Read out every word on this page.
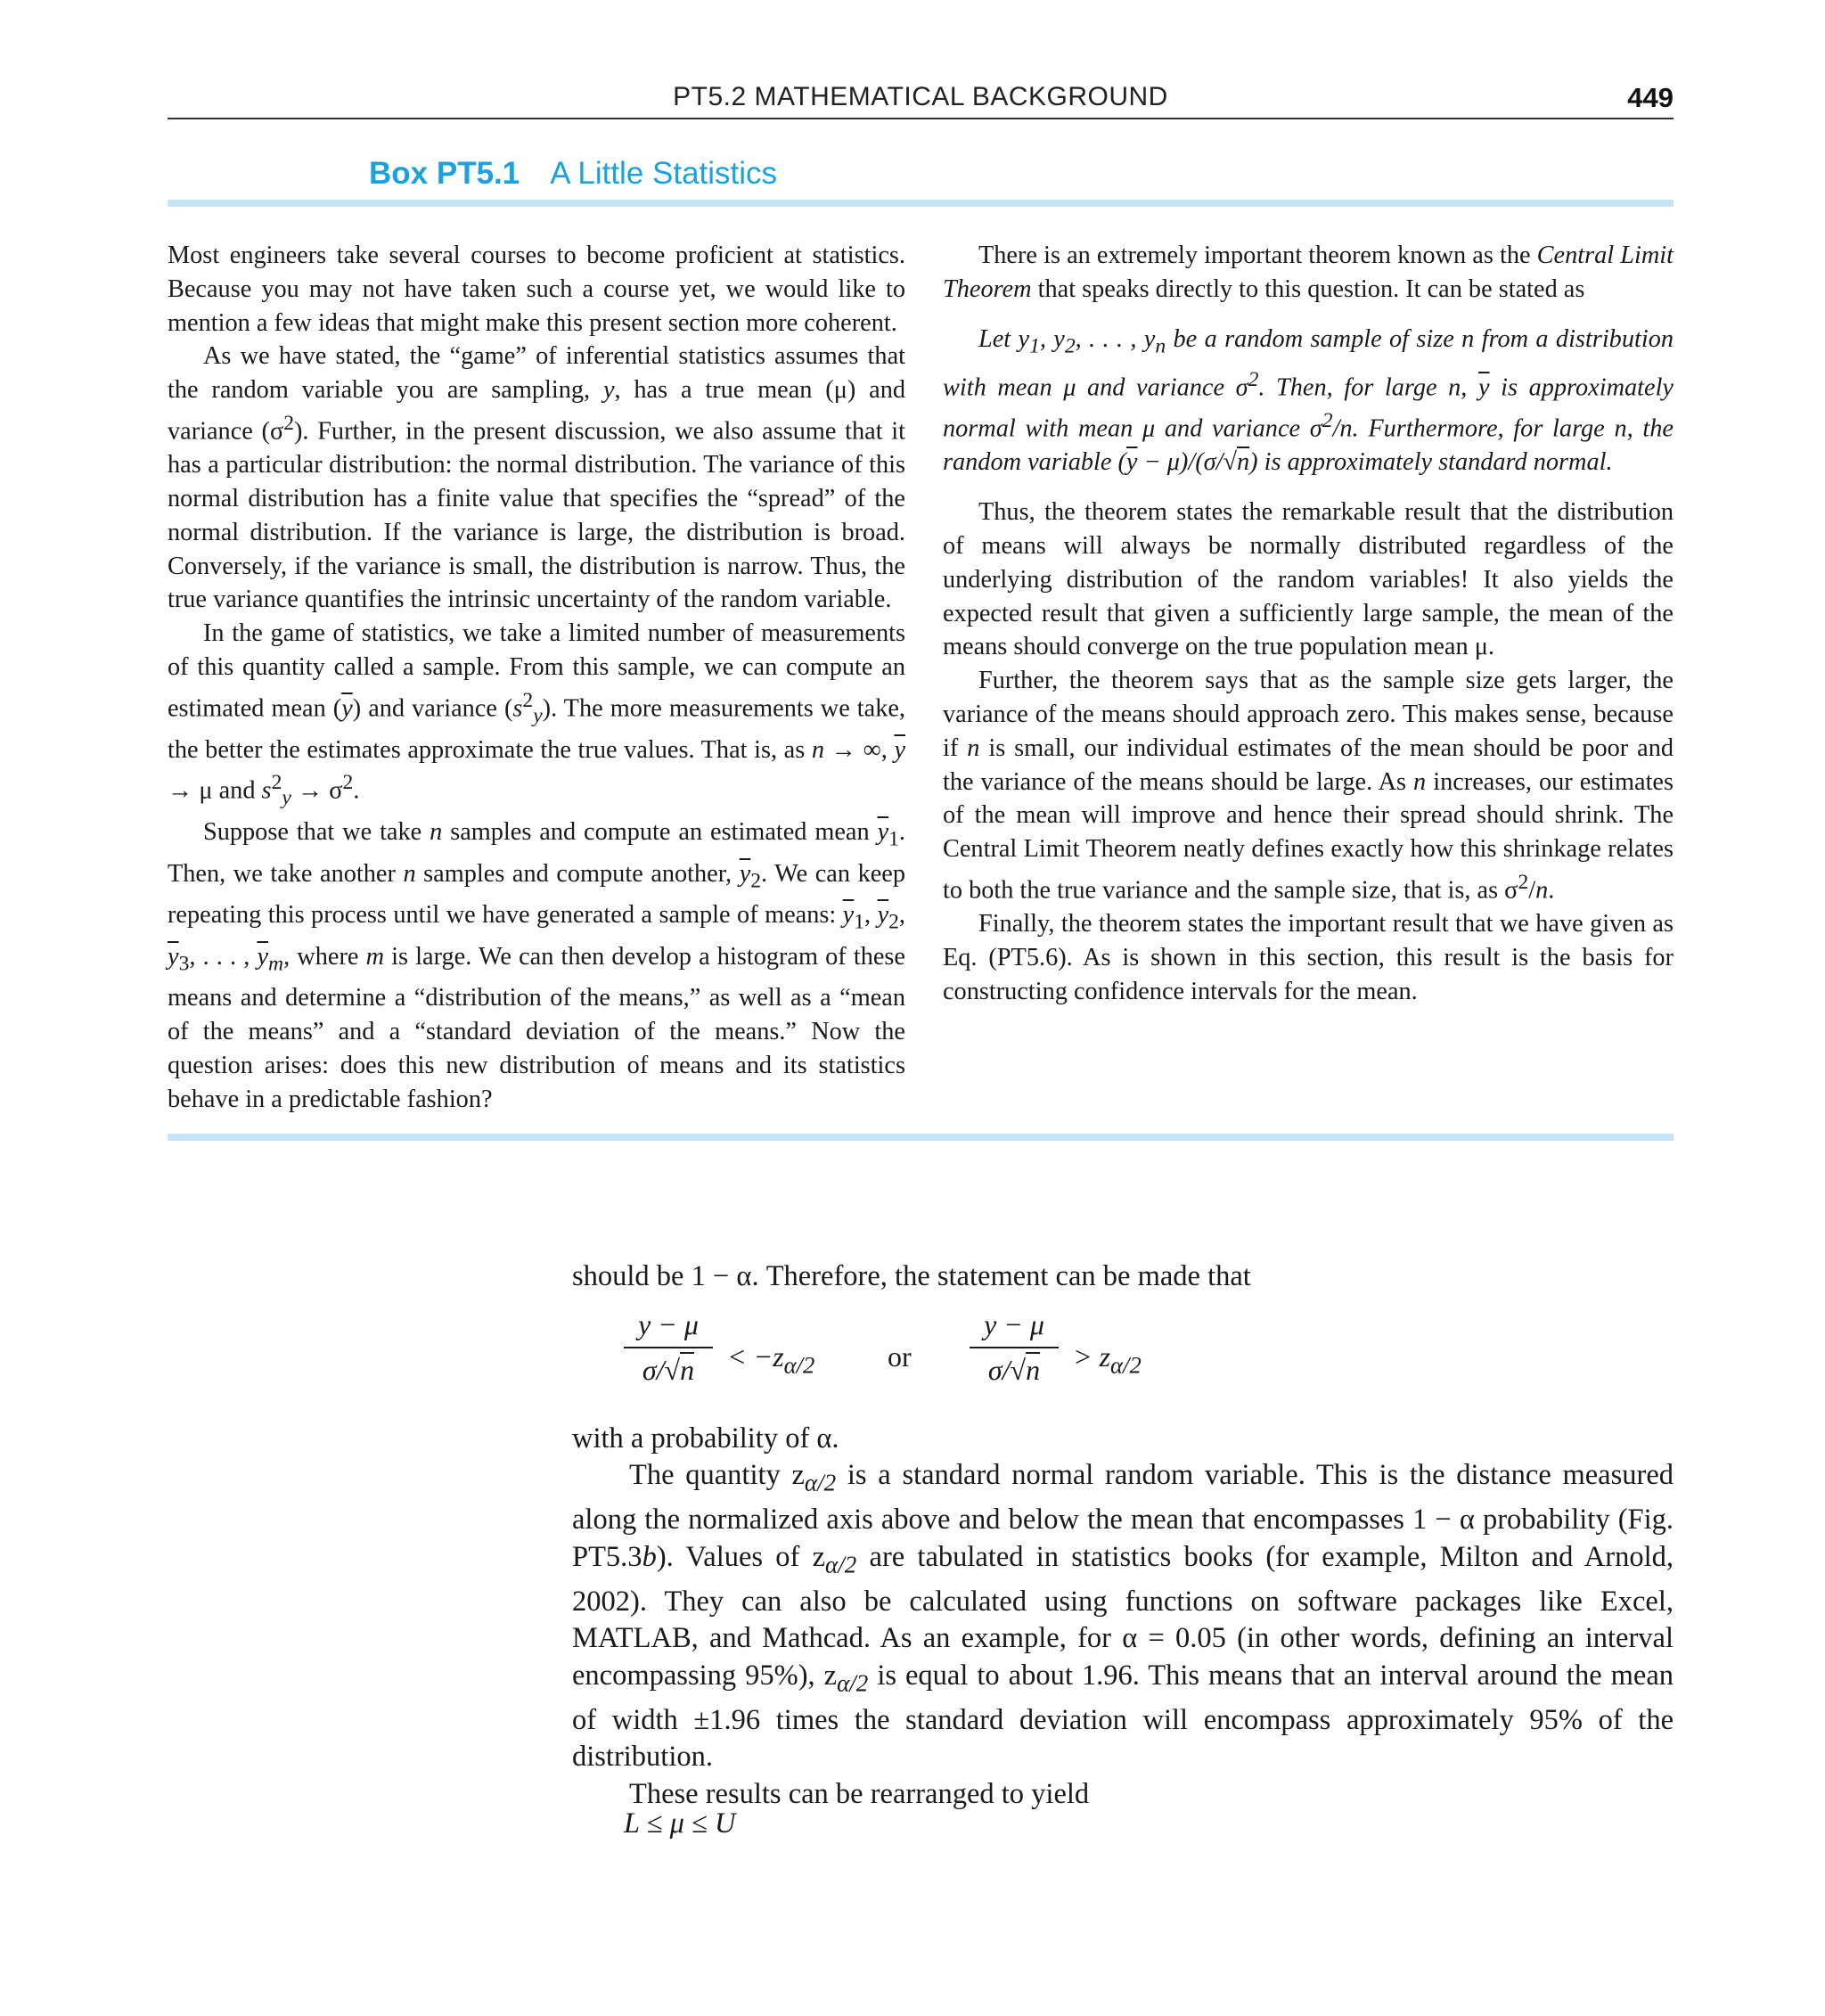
PT5.2 MATHEMATICAL BACKGROUND	449
Box PT5.1 A Little Statistics

Most engineers take several courses to become proficient at statistics. Because you may not have taken such a course yet, we would like to mention a few ideas that might make this present section more coherent.

As we have stated, the “game” of inferential statistics assumes that the random variable you are sampling, y, has a true mean (μ) and variance $(\sigma^2)$. Further, in the present discussion, we also assume that it has a particular distribution: the normal distribution. The variance of this normal distribution has a finite value that specifies the “spread” of the normal distribution. If the variance is large, the distribution is broad. Conversely, if the variance is small, the distribution is narrow. Thus, the true variance quantifies the intrinsic uncertainty of the random variable.

In the game of statistics, we take a limited number of measurements of this quantity called a sample. From this sample, we can compute an estimated mean $(\overline{y})$ and variance $(s^2_y)$. The more measurements we take, the better the estimates approximate the true values. That is, as n → ∞, $\overline{y} \to \mu$ and $s^2_y \to \sigma^2$.

Suppose that we take n samples and compute an estimated mean $\overline{y}_1$. Then, we take another n samples and compute another, $\overline{y}_2$. We can keep repeating this process until we have generated a sample of means: $\overline{y}_1$, $\overline{y}_2$, $\overline{y}_3$, . . . , $\overline{y}_m$, where m is large. We can then develop a histogram of these means and determine a “distribution of the means,” as well as a “mean of the means” and a “standard deviation of the means.” Now the question arises: does this new distribution of means and its statistics behave in a predictable fashion?

There is an extremely important theorem known as the Central Limit Theorem that speaks directly to this question. It can be stated as

Let $y_1$, $y_2$, . . . , $y_n$ be a random sample of size n from a distribution with mean μ and variance $\sigma^2$. Then, for large n, $\overline{y}$ is approximately normal with mean μ and variance $\sigma^2/n$. Furthermore, for large n, the random variable $(\overline{y} - \mu)/(\sigma/√n)$ is approximately standard normal.

Thus, the theorem states the remarkable result that the distribution of means will always be normally distributed regardless of the underlying distribution of the random variables! It also yields the expected result that given a sufficiently large sample, the mean of the means should converge on the true population mean μ.

Further, the theorem says that as the sample size gets larger, the variance of the means should approach zero. This makes sense, because if n is small, our individual estimates of the mean should be poor and the variance of the means should be large. As n increases, our estimates of the mean will improve and hence their spread should shrink. The Central Limit Theorem neatly defines exactly how this shrinkage relates to both the true variance and the sample size, that is, as $\sigma^2/n$.

Finally, the theorem states the important result that we have given as Eq. (PT5.6). As is shown in this section, this result is the basis for constructing confidence intervals for the mean.

should be 1 − α. Therefore, the statement can be made that

with a probability of α.

The quantity $z_{\alpha/2}$ is a standard normal random variable. This is the distance measured along the normalized axis above and below the mean that encompasses 1 − α probability (Fig. PT5.3b). Values of $z_{\alpha/2}$ are tabulated in statistics books (for example, Milton and Arnold, 2002). They can also be calculated using functions on software packages like Excel, MATLAB, and Mathcad. As an example, for α = 0.05 (in other words, defining an interval encompassing 95%), $z_{\alpha/2}$ is equal to about 1.96. This means that an interval around the mean of width ±1.96 times the standard deviation will encompass approximately 95% of the distribution.

These results can be rearranged to yield

$\frac{y - \mu}{\sigma/√n} < -z_{\alpha/2}$	or $\frac{y - \mu}{\sigma/√n} > z_{\alpha/2}$
L ≤ μ ≤ U
